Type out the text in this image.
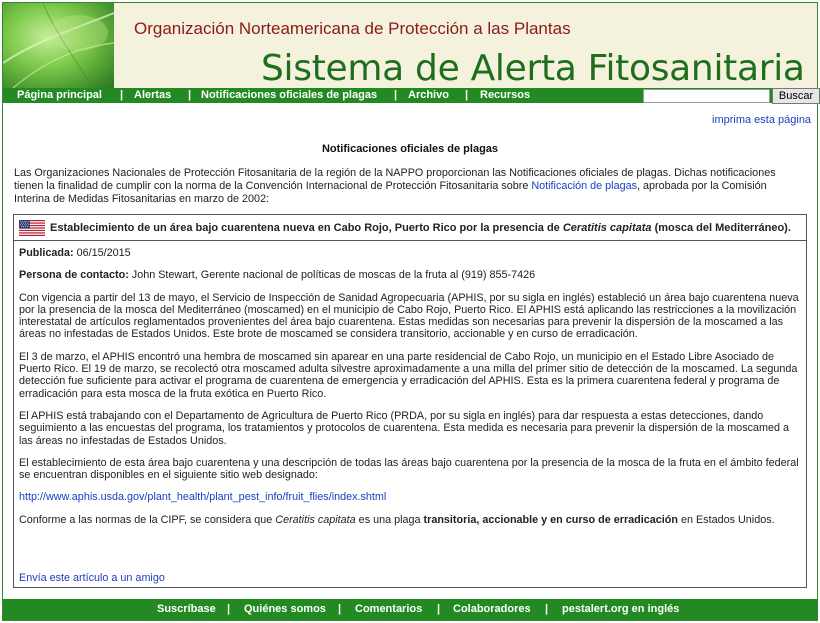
Organización Norteamericana de Protección a las Plantas
Sistema de Alerta Fitosanitaria
Página principal | Alertas | Notificaciones oficiales de plagas | Archivo | Recursos	Buscar
imprima esta página
Notificaciones oficiales de plagas
Las Organizaciones Nacionales de Protección Fitosanitaria de la región de la NAPPO proporcionan las Notificaciones oficiales de plagas. Dichas notificaciones tienen la finalidad de cumplir con la norma de la Convención Internacional de Protección Fitosanitaria sobre Notificación de plagas, aprobada por la Comisión Interina de Medidas Fitosanitarias en marzo de 2002:
Establecimiento de un área bajo cuarentena nueva en Cabo Rojo, Puerto Rico por la presencia de Ceratitis capitata (mosca del Mediterráneo).

Publicada: 06/15/2015

Persona de contacto: John Stewart, Gerente nacional de políticas de moscas de la fruta al (919) 855-7426

Con vigencia a partir del 13 de mayo, el Servicio de Inspección de Sanidad Agropecuaria (APHIS, por su sigla en inglés) estableció un área bajo cuarentena nueva por la presencia de la mosca del Mediterráneo (moscamed) en el municipio de Cabo Rojo, Puerto Rico. El APHIS está aplicando las restricciones a la movilización interestatal de artículos reglamentados provenientes del área bajo cuarentena. Estas medidas son necesarias para prevenir la dispersión de la moscamed a las áreas no infestadas de Estados Unidos. Este brote de moscamed se considera transitorio, accionable y en curso de erradicación.

El 3 de marzo, el APHIS encontró una hembra de moscamed sin aparear en una parte residencial de Cabo Rojo, un municipio en el Estado Libre Asociado de Puerto Rico. El 19 de marzo, se recolectó otra moscamed adulta silvestre aproximadamente a una milla del primer sitio de detección de la moscamed. La segunda detección fue suficiente para activar el programa de cuarentena de emergencia y erradicación del APHIS. Esta es la primera cuarentena federal y programa de erradicación para esta mosca de la fruta exótica en Puerto Rico.

El APHIS está trabajando con el Departamento de Agricultura de Puerto Rico (PRDA, por su sigla en inglés) para dar respuesta a estas detecciones, dando seguimiento a las encuestas del programa, los tratamientos y protocolos de cuarentena. Esta medida es necesaria para prevenir la dispersión de la moscamed a las áreas no infestadas de Estados Unidos.

El establecimiento de esta área bajo cuarentena y una descripción de todas las áreas bajo cuarentena por la presencia de la mosca de la fruta en el ámbito federal se encuentran disponibles en el siguiente sitio web designado:

http://www.aphis.usda.gov/plant_health/plant_pest_info/fruit_flies/index.shtml

Conforme a las normas de la CIPF, se considera que Ceratitis capitata es una plaga transitoria, accionable y en curso de erradicación en Estados Unidos.

Envía este artículo a un amigo
Suscríbase | Quiénes somos | Comentarios | Colaboradores | pestalert.org en inglés
